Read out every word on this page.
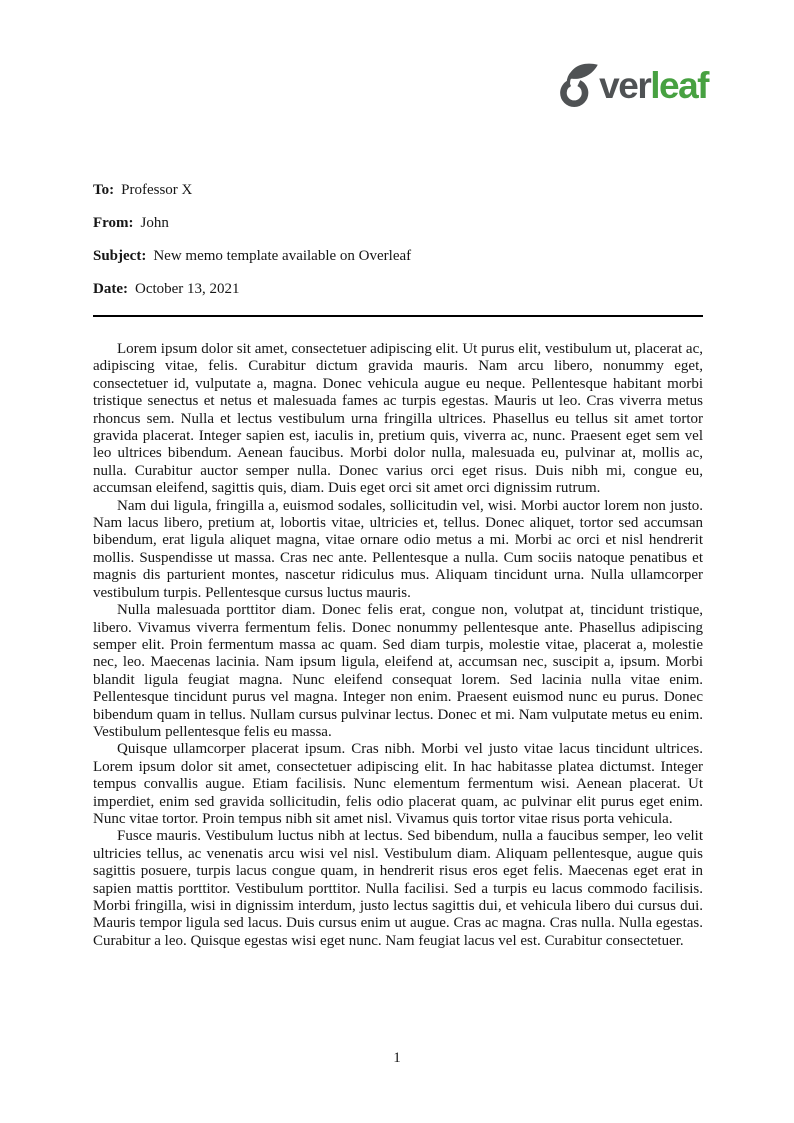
verleaf
To: Professor X
From: John
Subject: New memo template available on Overleaf
Date: October 13, 2021

Lorem ipsum dolor sit amet, consectetuer adipiscing elit. Ut purus elit, vestibulum ut, placerat ac, adipiscing vitae, felis. Curabitur dictum gravida mauris. Nam arcu libero, nonummy eget, consectetuer id, vulputate a, magna. Donec vehicula augue eu neque. Pellentesque habitant morbi tristique senectus et netus et malesuada fames ac turpis egestas. Mauris ut leo. Cras viverra metus rhoncus sem. Nulla et lectus vestibulum urna fringilla ultrices. Phasellus eu tellus sit amet tortor gravida placerat. Integer sapien est, iaculis in, pretium quis, viverra ac, nunc. Praesent eget sem vel leo ultrices bibendum. Aenean faucibus. Morbi dolor nulla, malesuada eu, pulvinar at, mollis ac, nulla. Curabitur auctor semper nulla. Donec varius orci eget risus. Duis nibh mi, congue eu, accumsan eleifend, sagittis quis, diam. Duis eget orci sit amet orci dignissim rutrum.

Nam dui ligula, fringilla a, euismod sodales, sollicitudin vel, wisi. Morbi auctor lorem non justo. Nam lacus libero, pretium at, lobortis vitae, ultricies et, tellus. Donec aliquet, tortor sed accumsan bibendum, erat ligula aliquet magna, vitae ornare odio metus a mi. Morbi ac orci et nisl hendrerit mollis. Suspendisse ut massa. Cras nec ante. Pellentesque a nulla. Cum sociis natoque penatibus et magnis dis parturient montes, nascetur ridiculus mus. Aliquam tincidunt urna. Nulla ullamcorper vestibulum turpis. Pellentesque cursus luctus mauris.

Nulla malesuada porttitor diam. Donec felis erat, congue non, volutpat at, tincidunt tristique, libero. Vivamus viverra fermentum felis. Donec nonummy pellentesque ante. Phasellus adipiscing semper elit. Proin fermentum massa ac quam. Sed diam turpis, molestie vitae, placerat a, molestie nec, leo. Maecenas lacinia. Nam ipsum ligula, eleifend at, accumsan nec, suscipit a, ipsum. Morbi blandit ligula feugiat magna. Nunc eleifend consequat lorem. Sed lacinia nulla vitae enim. Pellentesque tincidunt purus vel magna. Integer non enim. Praesent euismod nunc eu purus. Donec bibendum quam in tellus. Nullam cursus pulvinar lectus. Donec et mi. Nam vulputate metus eu enim. Vestibulum pellentesque felis eu massa.

Quisque ullamcorper placerat ipsum. Cras nibh. Morbi vel justo vitae lacus tincidunt ultrices. Lorem ipsum dolor sit amet, consectetuer adipiscing elit. In hac habitasse platea dictumst. Integer tempus convallis augue. Etiam facilisis. Nunc elementum fermentum wisi. Aenean placerat. Ut imperdiet, enim sed gravida sollicitudin, felis odio placerat quam, ac pulvinar elit purus eget enim. Nunc vitae tortor. Proin tempus nibh sit amet nisl. Vivamus quis tortor vitae risus porta vehicula.

Fusce mauris. Vestibulum luctus nibh at lectus. Sed bibendum, nulla a faucibus semper, leo velit ultricies tellus, ac venenatis arcu wisi vel nisl. Vestibulum diam. Aliquam pellentesque, augue quis sagittis posuere, turpis lacus congue quam, in hendrerit risus eros eget felis. Maecenas eget erat in sapien mattis porttitor. Vestibulum porttitor. Nulla facilisi. Sed a turpis eu lacus commodo facilisis. Morbi fringilla, wisi in dignissim interdum, justo lectus sagittis dui, et vehicula libero dui cursus dui. Mauris tempor ligula sed lacus. Duis cursus enim ut augue. Cras ac magna. Cras nulla. Nulla egestas. Curabitur a leo. Quisque egestas wisi eget nunc. Nam feugiat lacus vel est. Curabitur consectetuer.

1
